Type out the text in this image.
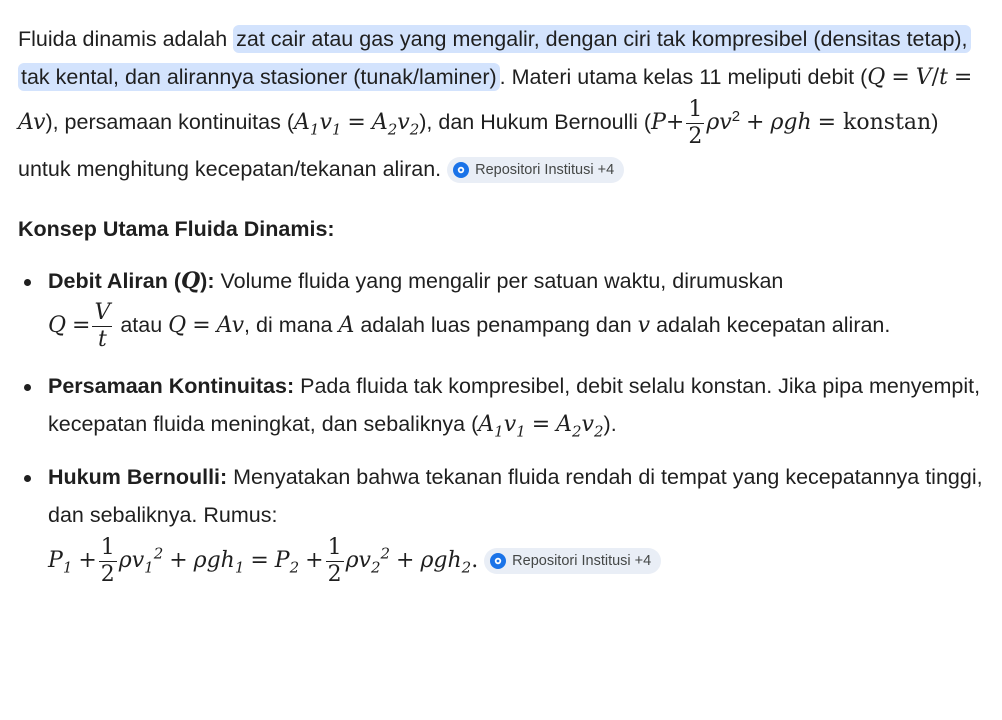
Fluida dinamis adalah zat cair atau gas yang mengalir, dengan ciri tak kompresibel (densitas tetap), tak kental, dan alirannya stasioner (tunak/laminer) . Materi utama kelas 11 meliputi debit (Q = V/t = Av), persamaan kontinuitas $(A_1v_1 = A_2v_2)$, dan Hukum Bernoulli ($P+ \frac{1}{2} \rho v^2 + \rho gh$ = konstan) untuk menghitung kecepatan/tekanan aliran. Repositori Institusi +4

Konsep Utama Fluida Dinamis:
Debit Aliran (Q): Volume fluida yang mengalir per satuan waktu, dirumuskan
$Q = \frac{V}{t}$ atau Q = Av, di mana A adalah luas penampang dan v adalah kecepatan aliran.
Persamaan Kontinuitas: Pada fluida tak kompresibel, debit selalu konstan. Jika pipa menyempit, kecepatan fluida meningkat, dan sebaliknya $(A_1v_1 = A_2v_2)$.
Hukum Bernoulli: Menyatakan bahwa tekanan fluida rendah di tempat yang kecepatannya tinggi, dan sebaliknya. Rumus:
$P_1 + \frac{1}{2} \rho v_1^2 + \rho gh_1 = P_2 + \frac{1}{2} \rho v_2^2 + \rho gh_2$. Repositori Institusi +4
